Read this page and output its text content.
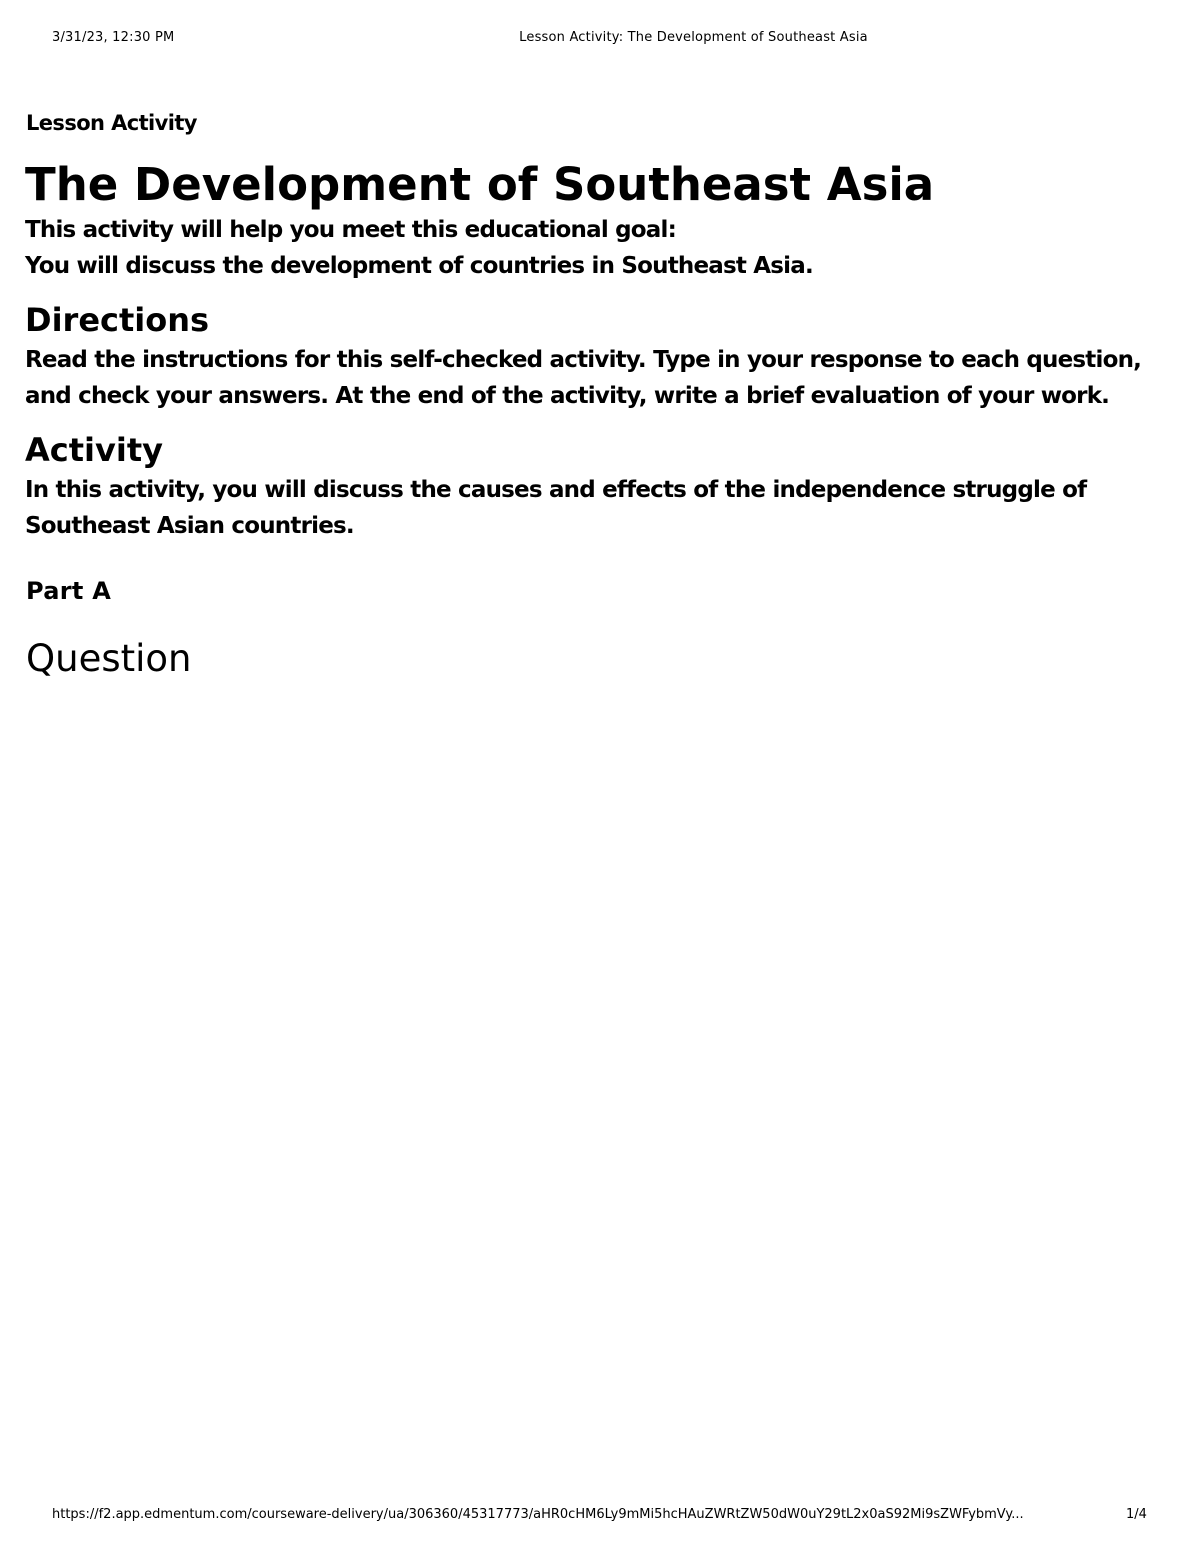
3/31/23, 12:30 PM	Lesson Activity: The Development of Southeast Asia
Lesson Activity
The Development of Southeast Asia

This activity will help you meet this educational goal:

You will discuss the development of countries in Southeast Asia.

Directions

Read the instructions for this self-checked activity. Type in your response to each question, and check your answers. At the end of the activity, write a brief evaluation of your work.

Activity

In this activity, you will discuss the causes and effects of the independence struggle of Southeast Asian countries.

Part A
Question
https://f2.app.edmentum.com/courseware-delivery/ua/306360/45317773/aHR0cHM6Ly9mMi5hcHAuZWRtZW50dW0uY29tL2x0aS92Mi9sZWFybmVy...	1/4
